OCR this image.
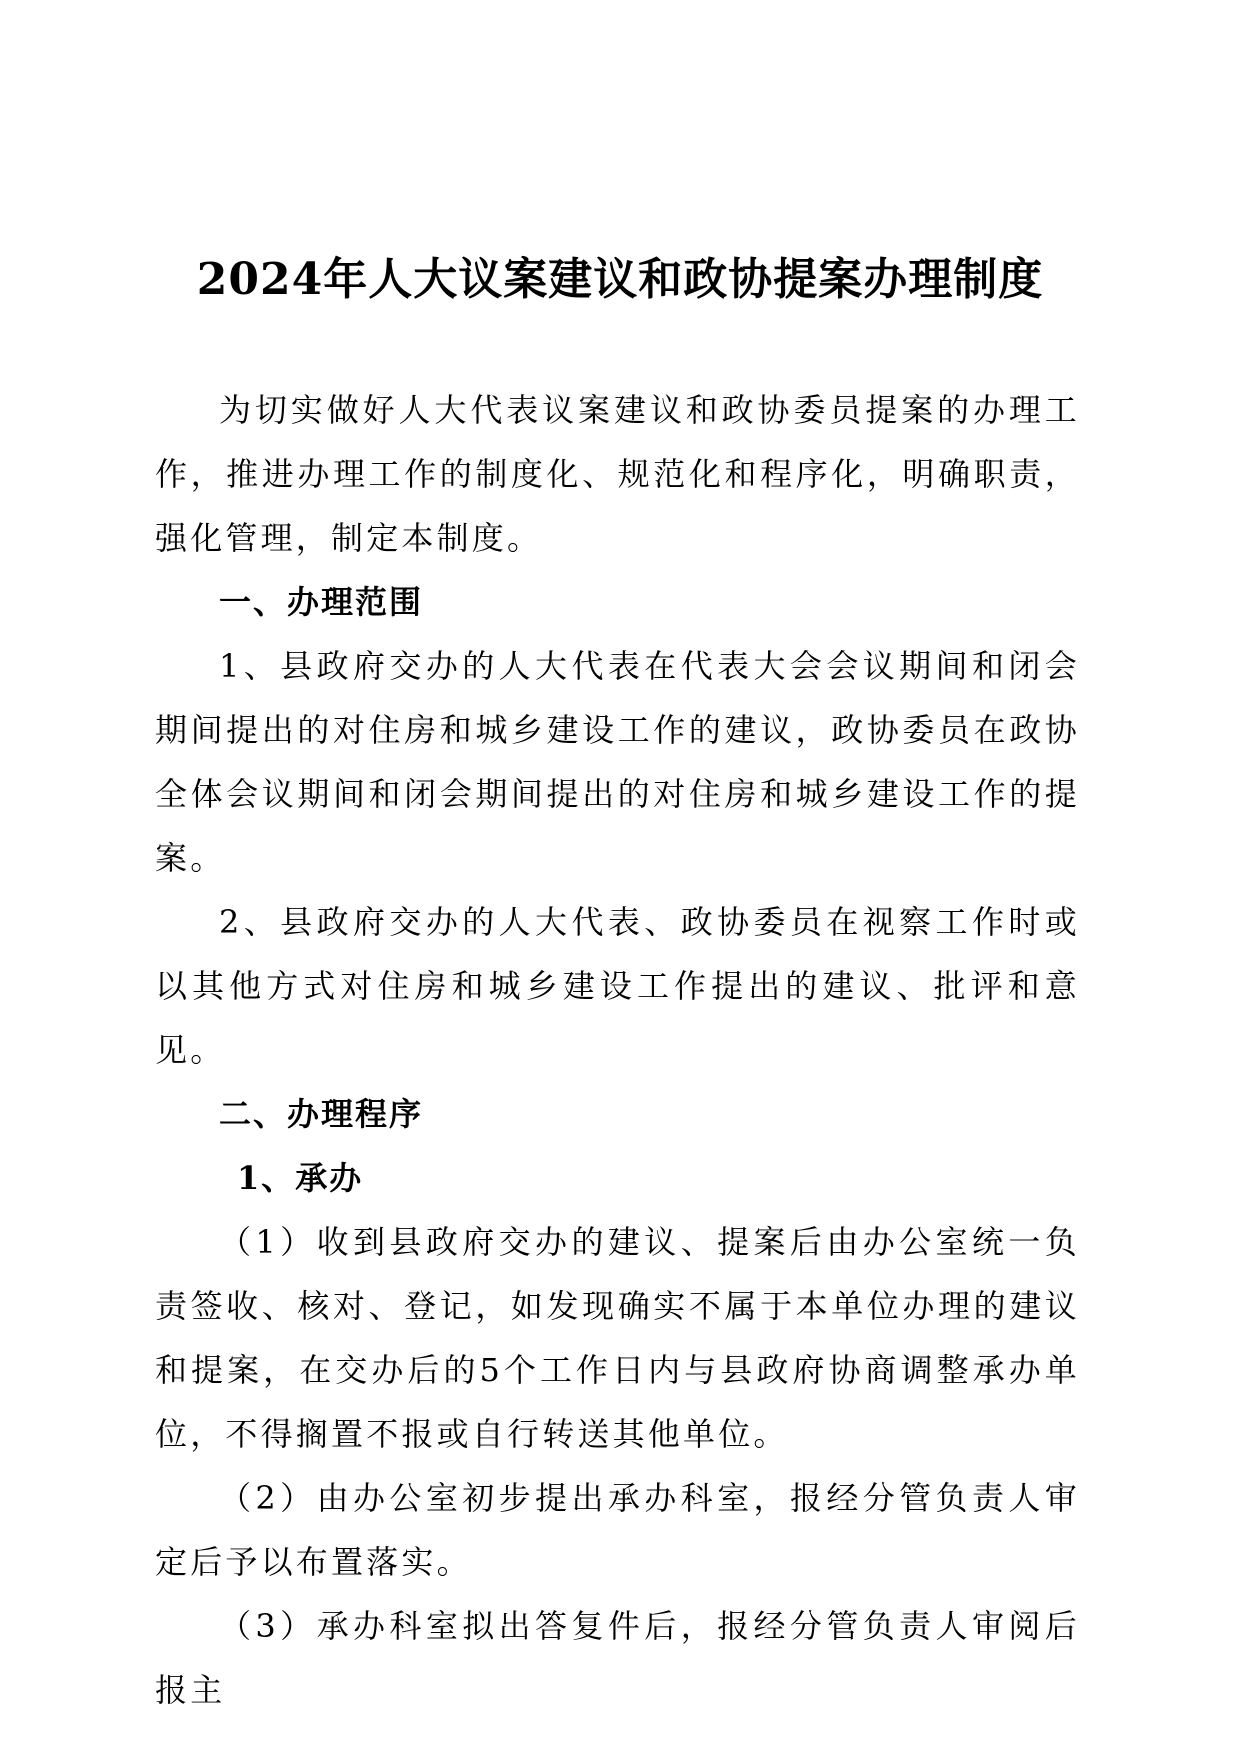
2024年人大议案建议和政协提案办理制度

为切实做好人大代表议案建议和政协委员提案的办理工作，推进办理工作的制度化、规范化和程序化，明确职责，强化管理，制定本制度。

一、办理范围

1、县政府交办的人大代表在代表大会会议期间和闭会期间提出的对住房和城乡建设工作的建议，政协委员在政协全体会议期间和闭会期间提出的对住房和城乡建设工作的提案。

2、县政府交办的人大代表、政协委员在视察工作时或以其他方式对住房和城乡建设工作提出的建议、批评和意见。

二、办理程序

1、承办

（1）收到县政府交办的建议、提案后由办公室统一负责签收、核对、登记，如发现确实不属于本单位办理的建议和提案，在交办后的5个工作日内与县政府协商调整承办单位，不得搁置不报或自行转送其他单位。

（2）由办公室初步提出承办科室，报经分管负责人审定后予以布置落实。

（3）承办科室拟出答复件后，报经分管负责人审阅后报主
